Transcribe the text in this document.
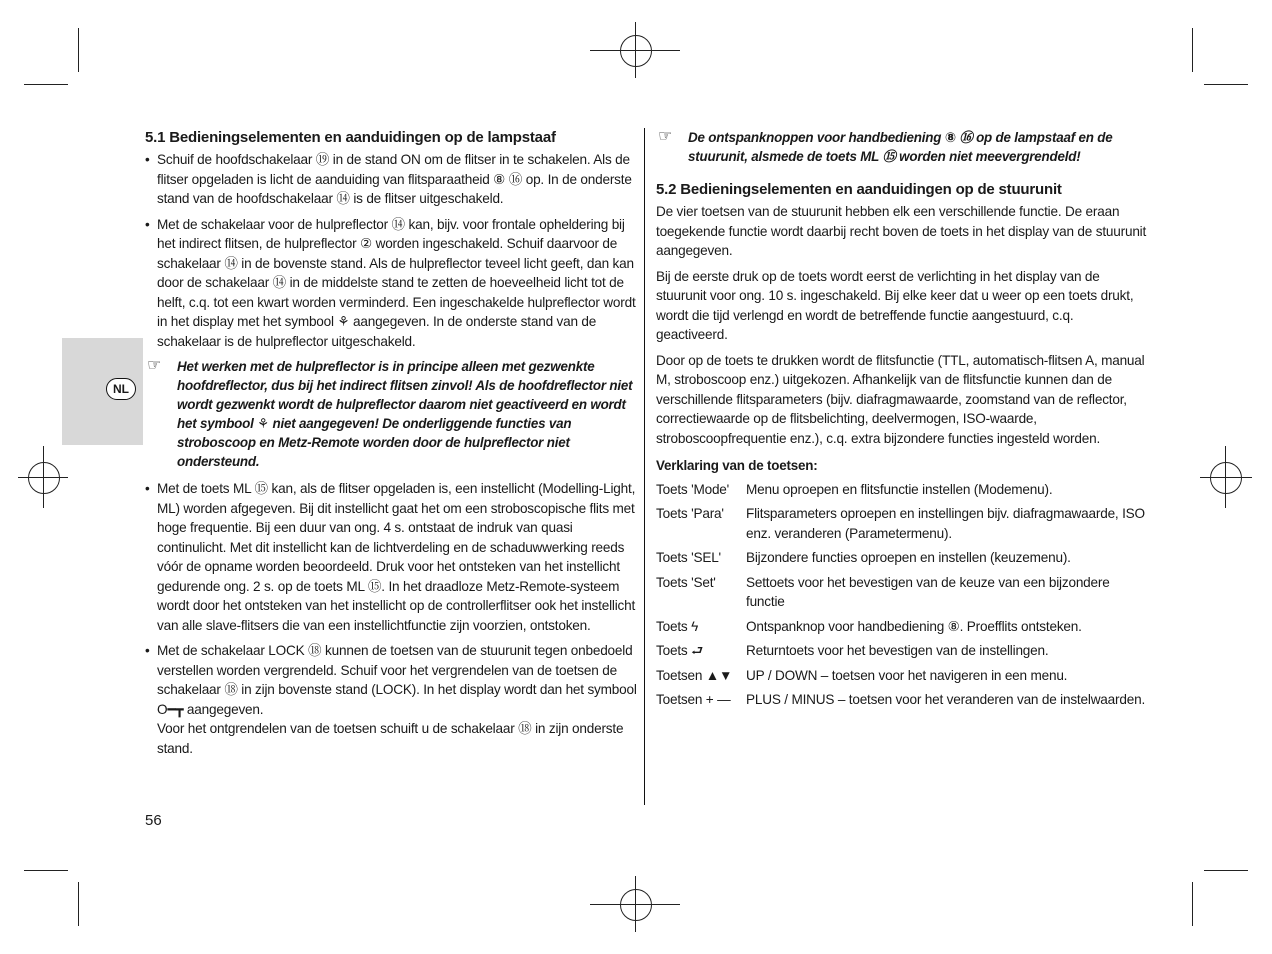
NL
5.1 Bedieningselementen en aanduidingen op de lampstaaf
• Schuif de hoofdschakelaar ⑲ in de stand ON om de flitser in te schakelen. Als de flitser opgeladen is licht de aanduiding van flitsparaatheid ⑧ ⑯ op. In de onderste stand van de hoofdschakelaar ⑭ is de flitser uitgeschakeld.
• Met de schakelaar voor de hulpreflector ⑭ kan, bijv. voor frontale opheldering bij het indirect flitsen, de hulpreflector ② worden ingeschakeld. Schuif daarvoor de schakelaar ⑭ in de bovenste stand. Als de hulpreflector teveel licht geeft, dan kan door de schakelaar ⑭ in de middelste stand te zetten de hoeveelheid licht tot de helft, c.q. tot een kwart worden verminderd. Een ingeschakelde hulpreflector wordt in het display met het symbool ⚘ aangegeven. In de onderste stand van de schakelaar is de hulpreflector uitgeschakeld.
☞ Het werken met de hulpreflector is in principe alleen met gezwenkte hoofdreflector, dus bij het indirect flitsen zinvol! Als de hoofdreflector niet wordt gezwenkt wordt de hulpreflector daarom niet geactiveerd en wordt het symbool ⚘ niet aangegeven! De onderliggende functies van stroboscoop en Metz-Remote worden door de hulpreflector niet ondersteund.
• Met de toets ML ⑮ kan, als de flitser opgeladen is, een instellicht (Modelling-Light, ML) worden afgegeven. Bij dit instellicht gaat het om een stroboscopische flits met hoge frequentie. Bij een duur van ong. 4 s. ontstaat de indruk van quasi continulicht. Met dit instellicht kan de lichtverdeling en de schaduwwerking reeds vóór de opname worden beoordeeld. Druk voor het ontsteken van het instellicht gedurende ong. 2 s. op de toets ML ⑮. In het draadloze Metz-Remote-systeem wordt door het ontsteken van het instellicht op de controllerflitser ook het instellicht van alle slave-flitsers die van een instellichtfunctie zijn voorzien, ontstoken.
• Met de schakelaar LOCK ⑱ kunnen de toetsen van de stuurunit tegen onbedoeld verstellen worden vergrendeld. Schuif voor het vergrendelen van de toetsen de schakelaar ⑱ in zijn bovenste stand (LOCK). In het display wordt dan het symbool O━┳ aangegeven.
Voor het ontgrendelen van de toetsen schuift u de schakelaar ⑱ in zijn onderste stand.
56
☞ De ontspanknoppen voor handbediening ⑧ ⑯ op de lampstaaf en de stuurunit, alsmede de toets ML ⑮ worden niet meevergrendeld!
5.2 Bedieningselementen en aanduidingen op de stuurunit

De vier toetsen van de stuurunit hebben elk een verschillende functie. De eraan toegekende functie wordt daarbij recht boven de toets in het display van de stuurunit aangegeven.

Bij de eerste druk op de toets wordt eerst de verlichting in het display van de stuurunit voor ong. 10 s. ingeschakeld. Bij elke keer dat u weer op een toets drukt, wordt die tijd verlengd en wordt de betreffende functie aangestuurd, c.q. geactiveerd.

Door op de toets te drukken wordt de flitsfunctie (TTL, automatisch-flitsen A, manual M, stroboscoop enz.) uitgekozen. Afhankelijk van de flitsfunctie kunnen dan de verschillende flitsparameters (bijv. diafragmawaarde, zoomstand van de reflector, correctiewaarde op de flitsbelichting, deelvermogen, ISO-waarde, stroboscoopfrequentie enz.), c.q. extra bijzondere functies ingesteld worden.

Verklaring van de toetsen:
Toets 'Mode'	Menu oproepen en flitsfunctie instellen (Modemenu).
Toets 'Para'	Flitsparameters oproepen en instellingen bijv. diafragmawaarde, ISO enz. veranderen (Parametermenu).
Toets 'SEL'	Bijzondere functies oproepen en instellen (keuzemenu).
Toets 'Set'	Settoets voor het bevestigen van de keuze van een bijzondere functie
Toets ϟ	Ontspanknop voor handbediening ⑧. Proefflits ontsteken.
Toets ⮐	Returntoets voor het bevestigen van de instellingen.
Toetsen ▲▼	UP / DOWN – toetsen voor het navigeren in een menu.
Toetsen + —	PLUS / MINUS – toetsen voor het veranderen van de instelwaarden.
